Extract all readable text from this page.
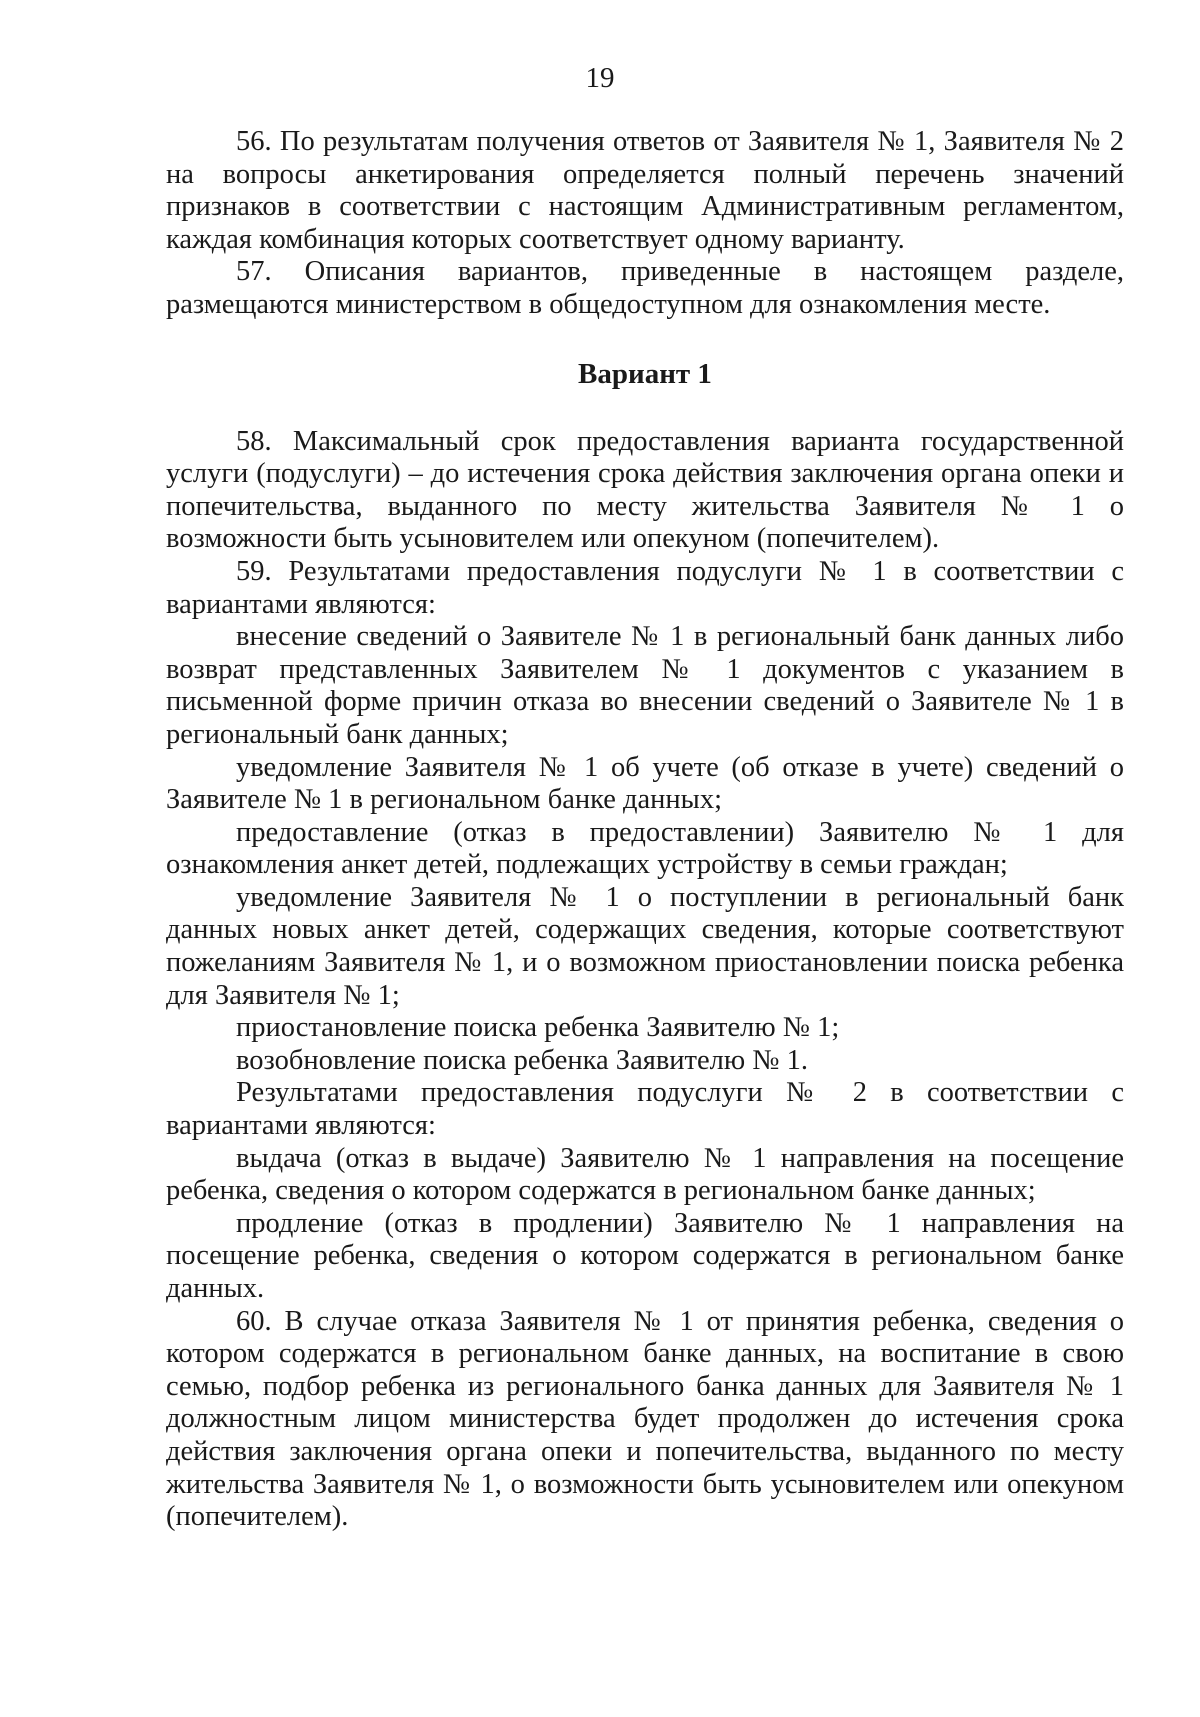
19

56. По результатам получения ответов от Заявителя № 1, Заявителя № 2 на вопросы анкетирования определяется полный перечень значений признаков в соответствии с настоящим Административным регламентом, каждая комбинация которых соответствует одному варианту.

57. Описания вариантов, приведенные в настоящем разделе, размещаются министерством в общедоступном для ознакомления месте.

Вариант 1

58. Максимальный срок предоставления варианта государственной услуги (подуслуги) – до истечения срока действия заключения органа опеки и попечительства, выданного по месту жительства Заявителя № 1 о возможности быть усыновителем или опекуном (попечителем).

59. Результатами предоставления подуслуги № 1 в соответствии с вариантами являются:

внесение сведений о Заявителе № 1 в региональный банк данных либо возврат представленных Заявителем № 1 документов с указанием в письменной форме причин отказа во внесении сведений о Заявителе № 1 в региональный банк данных;

уведомление Заявителя № 1 об учете (об отказе в учете) сведений о Заявителе № 1 в региональном банке данных;

предоставление (отказ в предоставлении) Заявителю № 1 для ознакомления анкет детей, подлежащих устройству в семьи граждан;

уведомление Заявителя № 1 о поступлении в региональный банк данных новых анкет детей, содержащих сведения, которые соответствуют пожеланиям Заявителя № 1, и о возможном приостановлении поиска ребенка для Заявителя № 1;

приостановление поиска ребенка Заявителю № 1;

возобновление поиска ребенка Заявителю № 1.

Результатами предоставления подуслуги № 2 в соответствии с вариантами являются:

выдача (отказ в выдаче) Заявителю № 1 направления на посещение ребенка, сведения о котором содержатся в региональном банке данных;

продление (отказ в продлении) Заявителю № 1 направления на посещение ребенка, сведения о котором содержатся в региональном банке данных.

60. В случае отказа Заявителя № 1 от принятия ребенка, сведения о котором содержатся в региональном банке данных, на воспитание в свою семью, подбор ребенка из регионального банка данных для Заявителя № 1 должностным лицом министерства будет продолжен до истечения срока действия заключения органа опеки и попечительства, выданного по месту жительства Заявителя № 1, о возможности быть усыновителем или опекуном (попечителем).
